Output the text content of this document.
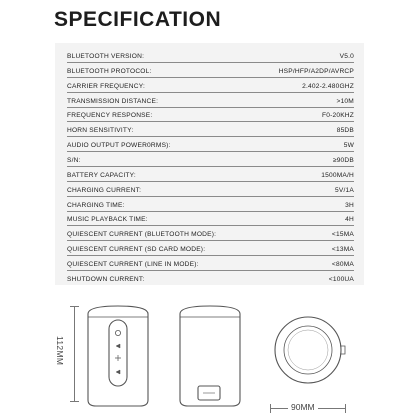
SPECIFICATION
BLUETOOTH VERSION:	V5.0
BLUETOOTH PROTOCOL:	HSP/HFP/A2DP/AVRCP
CARRIER FREQUENCY:	2.402-2.480GHZ
TRANSMISSION DISTANCE:	>10M
FREQUENCY RESPONSE:	F0-20KHZ
HORN SENSITIVITY:	85DB
AUDIO OUTPUT POWER0RMS):	5W
S/N:	≥90DB
BATTERY CAPACITY:	1500MA/H
CHARGING CURRENT:	5V/1A
CHARGING TIME:	3H
MUSIC PLAYBACK TIME:	4H
QUIESCENT CURRENT (BLUETOOTH MODE):	<15MA
QUIESCENT CURRENT (SD CARD MODE):	<13MA
QUIESCENT CURRENT (LINE IN MODE):	<80MA
SHUTDOWN CURRENT:	<100UA
112MM
90MM
